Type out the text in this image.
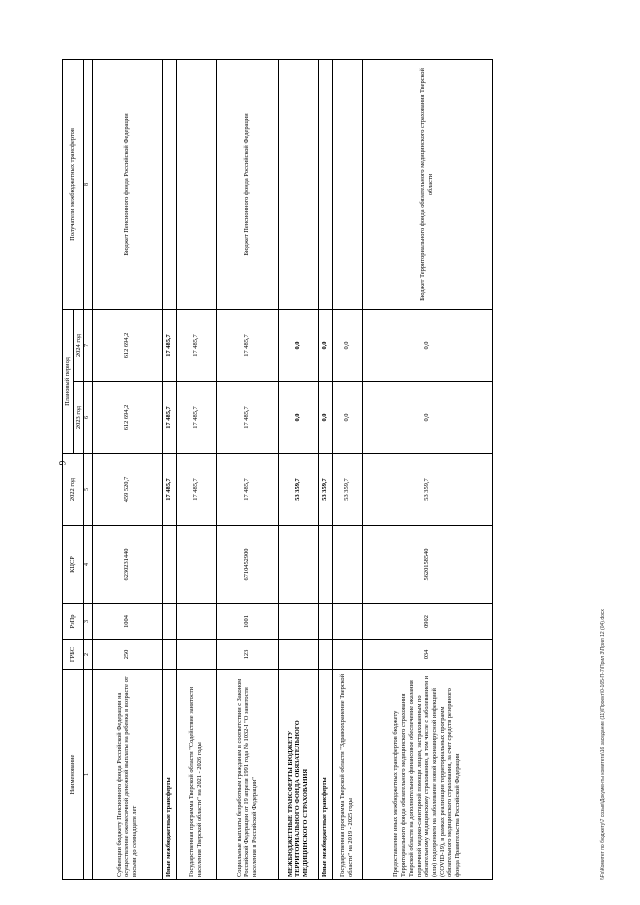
9
Наименование	ГРБС	РзПр	КЦСР	2022 год	Плановый период		Получатели межбюджетных трансфертов
					2023 год	2024 год	
1	2	3	4	5	6	7	8
Субвенции бюджету Пенсионного фонда Российской Федерации на осуществление ежемесячной денежной выплаты на ребенка в возрасте от восьми до семнадцати лет	250	1004	6230231440	459 520,7	612 694,2	612 694,2	Бюджет Пенсионного фонда Российской Федерации
Иные межбюджетные трансферты				17 485,7	17 485,7	17 485,7	
Государственная программа Тверской области "Содействие занятости населения Тверской области" на 2021 - 2026 годы				17 485,7	17 485,7	17 485,7	
Социальные выплаты безработным гражданам в соответствии с Законом Российской Федерации от 19 апреля 1991 года № 1032-I "О занятости населения в Российской Федерации"	123	1001	6710452900	17 485,7	17 485,7	17 485,7	Бюджет Пенсионного фонда Российской Федерации
МЕЖБЮДЖЕТНЫЕ ТРАНСФЕРТЫ БЮДЖЕТУ ТЕРРИТОРИАЛЬНОГО ФОНДА ОБЯЗАТЕЛЬНОГО МЕДИЦИНСКОГО СТРАХОВАНИЯ				53 359,7	0,0	0,0	
Иные межбюджетные трансферты				53 359,7	0,0	0,0	
Государственная программа Тверской области "Здравоохранение Тверской области" на 2019 - 2025 годы				53 359,7	0,0	0,0	
Предоставление иных межбюджетных трансфертов бюджету Территориального фонда обязательного медицинского страхования Тверской области на дополнительное финансовое обеспечение оказания первичной медико-санитарной помощи лицам, застрахованным по обязательному медицинскому страхованию, в том числе с заболеванием и (или) подозрением на заболевание новой коронавирусной инфекцией (COVID-19), в рамках реализации территориальных программ обязательного медицинского страхования, за счет средств резервного фонда Правительства Российской Федерации	034	0902	5620158540	53 359,7	0,0	0,0	Бюджет Территориального фонда обязательного медицинского страхования Тверской области
\\Fs\Комитет по бюджету\7 созыв\Документы комитета\16 заседание (11)\Проект\0-165-П-7\Прил 3\Прил 12 (04).docx
